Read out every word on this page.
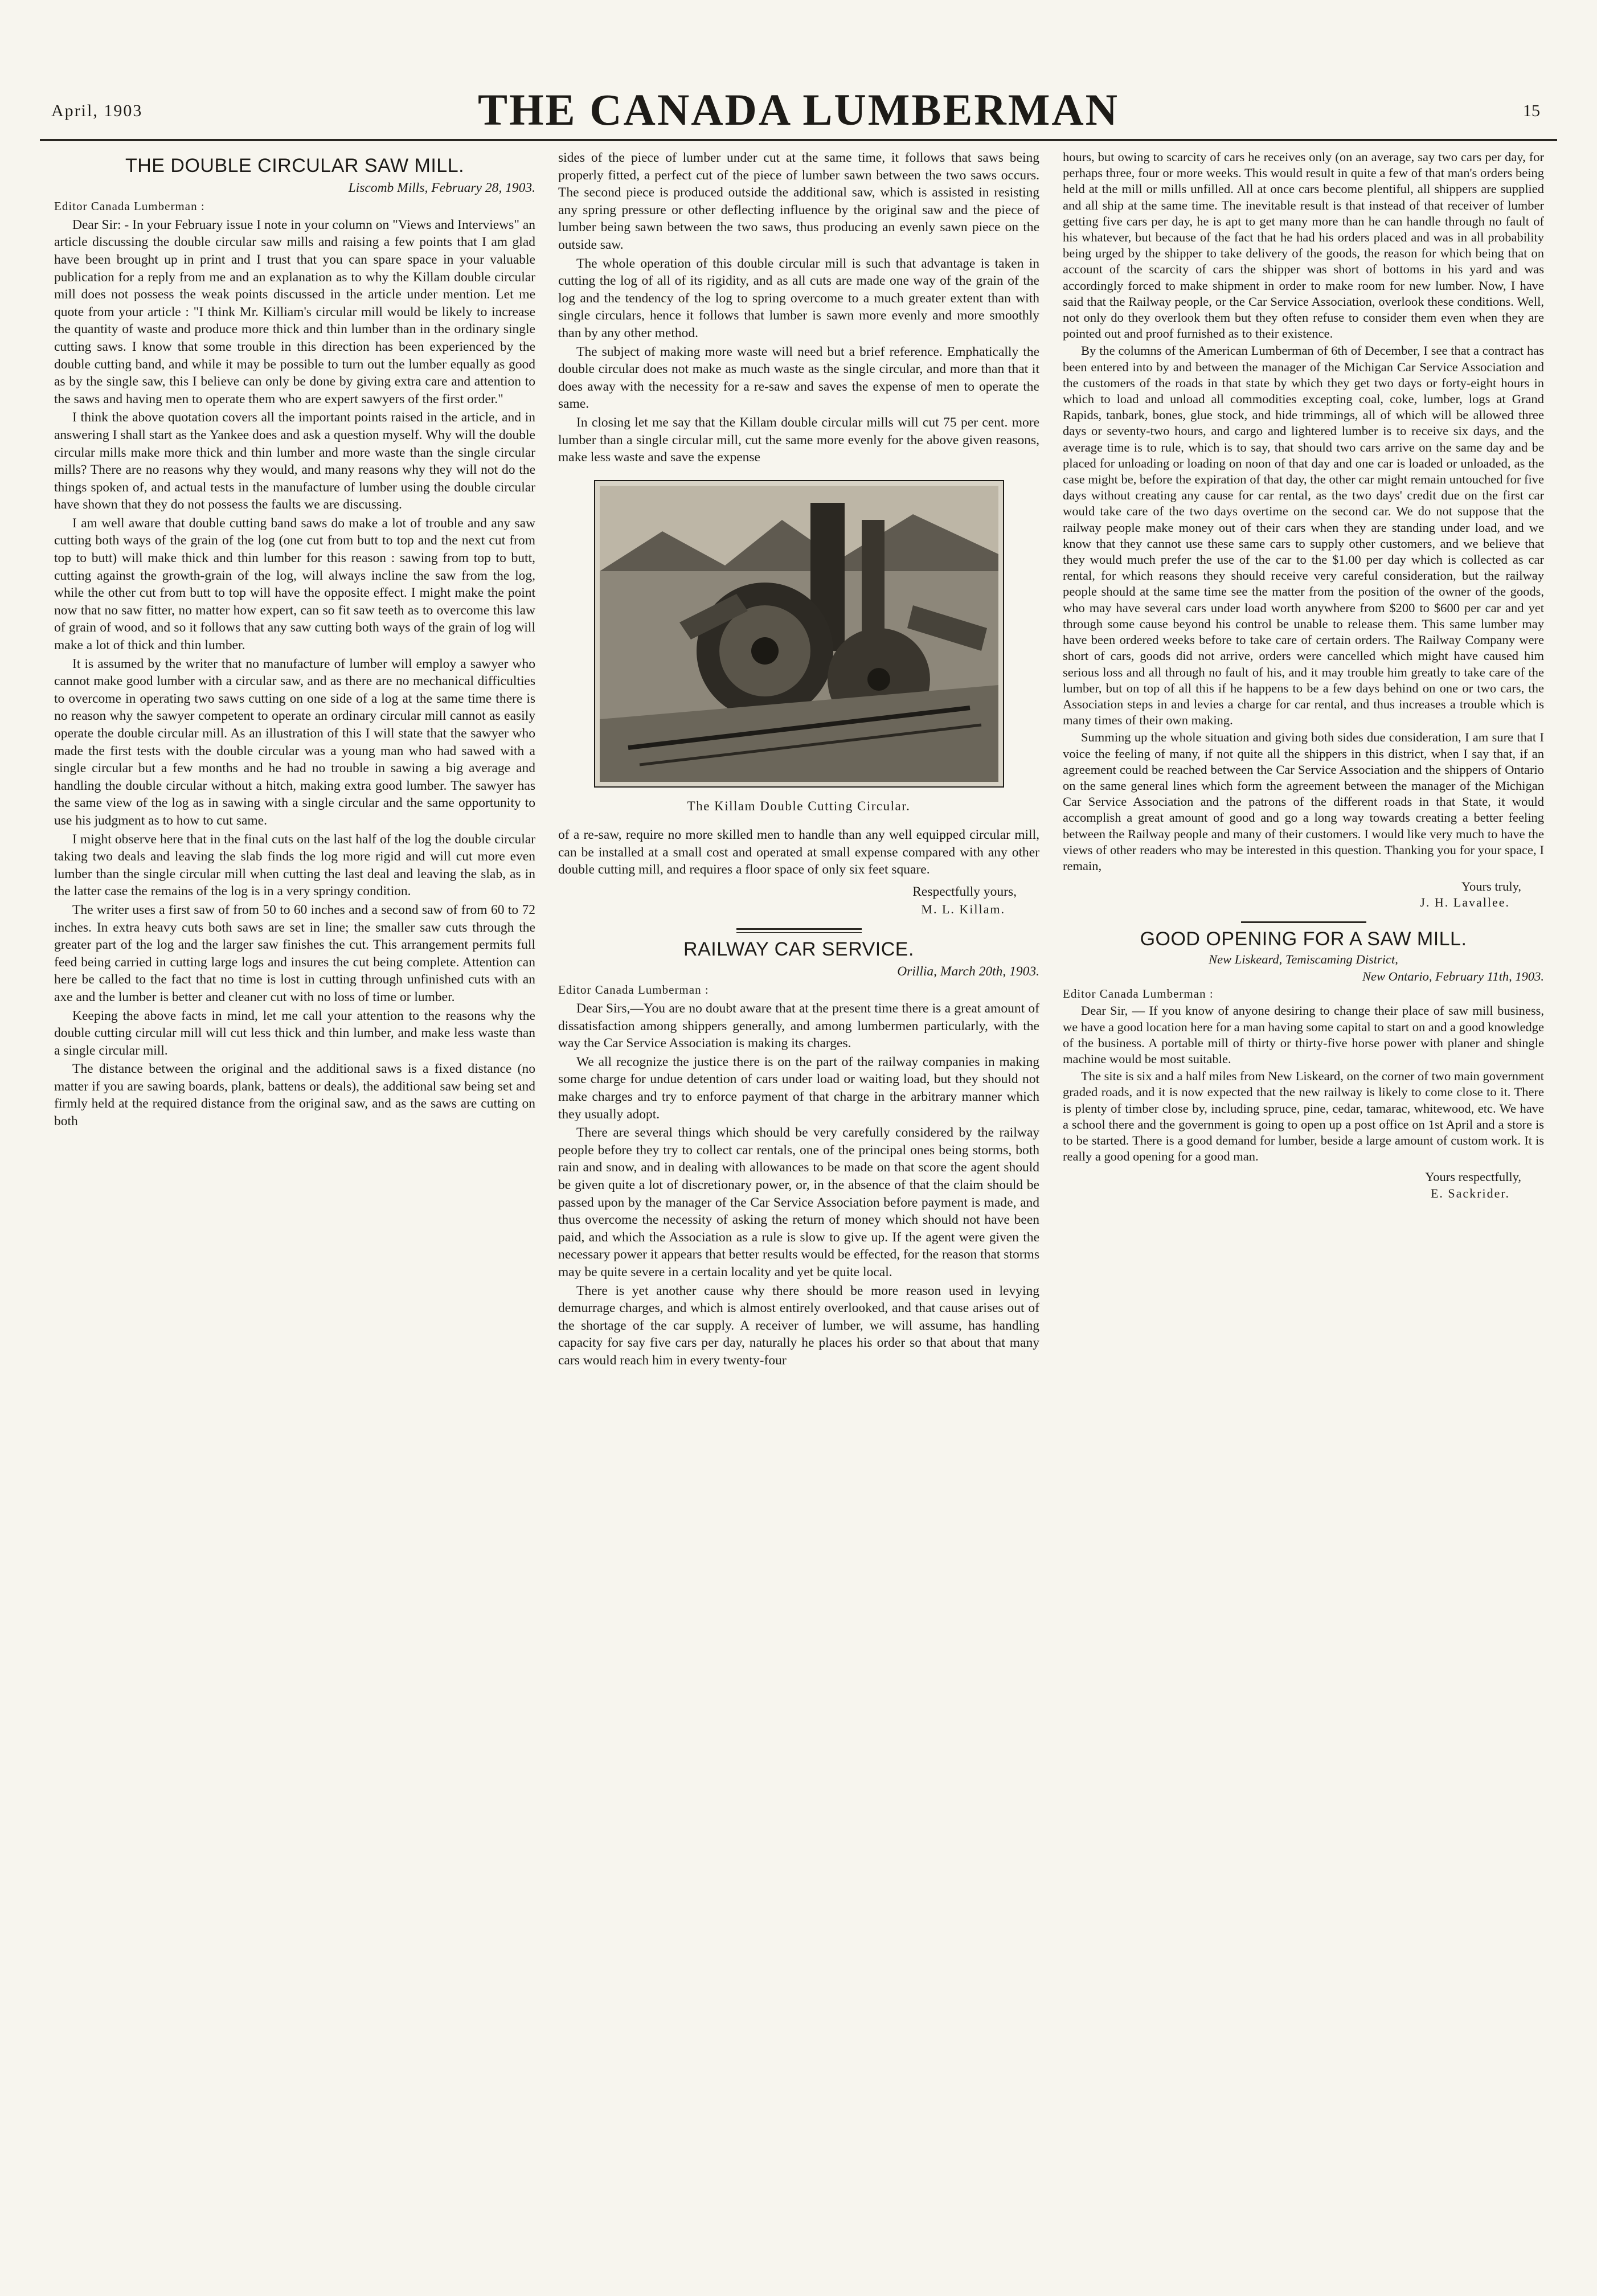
April, 1903	THE CANADA LUMBERMAN	15
THE DOUBLE CIRCULAR SAW MILL.
Liscomb Mills, February 28, 1903.

Editor Canada Lumberman :

Dear Sir: - In your February issue I note in your column on "Views and Interviews" an article discussing the double circular saw mills and raising a few points that I am glad have been brought up in print and I trust that you can spare space in your valuable publication for a reply from me and an explanation as to why the Killam double circular mill does not possess the weak points discussed in the article under mention. Let me quote from your article : "I think Mr. Killiam's circular mill would be likely to increase the quantity of waste and produce more thick and thin lumber than in the ordinary single cutting saws. I know that some trouble in this direction has been experienced by the double cutting band, and while it may be possible to turn out the lumber equally as good as by the single saw, this I believe can only be done by giving extra care and attention to the saws and having men to operate them who are expert sawyers of the first order."

I think the above quotation covers all the important points raised in the article, and in answering I shall start as the Yankee does and ask a question myself. Why will the double circular mills make more thick and thin lumber and more waste than the single circular mills? There are no reasons why they would, and many reasons why they will not do the things spoken of, and actual tests in the manufacture of lumber using the double circular have shown that they do not possess the faults we are discussing.

I am well aware that double cutting band saws do make a lot of trouble and any saw cutting both ways of the grain of the log (one cut from butt to top and the next cut from top to butt) will make thick and thin lumber for this reason : sawing from top to butt, cutting against the growth-grain of the log, will always incline the saw from the log, while the other cut from butt to top will have the opposite effect. I might make the point now that no saw fitter, no matter how expert, can so fit saw teeth as to overcome this law of grain of wood, and so it follows that any saw cutting both ways of the grain of log will make a lot of thick and thin lumber.

It is assumed by the writer that no manufacture of lumber will employ a sawyer who cannot make good lumber with a circular saw, and as there are no mechanical difficulties to overcome in operating two saws cutting on one side of a log at the same time there is no reason why the sawyer competent to operate an ordinary circular mill cannot as easily operate the double circular mill. As an illustration of this I will state that the sawyer who made the first tests with the double circular was a young man who had sawed with a single circular but a few months and he had no trouble in sawing a big average and handling the double circular without a hitch, making extra good lumber. The sawyer has the same view of the log as in sawing with a single circular and the same opportunity to use his judgment as to how to cut same.

I might observe here that in the final cuts on the last half of the log the double circular taking two deals and leaving the slab finds the log more rigid and will cut more even lumber than the single circular mill when cutting the last deal and leaving the slab, as in the latter case the remains of the log is in a very springy condition.

The writer uses a first saw of from 50 to 60 inches and a second saw of from 60 to 72 inches. In extra heavy cuts both saws are set in line; the smaller saw cuts through the greater part of the log and the larger saw finishes the cut. This arrangement permits full feed being carried in cutting large logs and insures the cut being complete. Attention can here be called to the fact that no time is lost in cutting through unfinished cuts with an axe and the lumber is better and cleaner cut with no loss of time or lumber.

Keeping the above facts in mind, let me call your attention to the reasons why the double cutting circular mill will cut less thick and thin lumber, and make less waste than a single circular mill.

The distance between the original and the additional saws is a fixed distance (no matter if you are sawing boards, plank, battens or deals), the additional saw being set and firmly held at the required distance from the original saw, and as the saws are cutting on both

sides of the piece of lumber under cut at the same time, it follows that saws being properly fitted, a perfect cut of the piece of lumber sawn between the two saws occurs. The second piece is produced outside the additional saw, which is assisted in resisting any spring pressure or other deflecting influence by the original saw and the piece of lumber being sawn between the two saws, thus producing an evenly sawn piece on the outside saw.

The whole operation of this double circular mill is such that advantage is taken in cutting the log of all of its rigidity, and as all cuts are made one way of the grain of the log and the tendency of the log to spring overcome to a much greater extent than with single circulars, hence it follows that lumber is sawn more evenly and more smoothly than by any other method.

The subject of making more waste will need but a brief reference. Emphatically the double circular does not make as much waste as the single circular, and more than that it does away with the necessity for a re-saw and saves the expense of men to operate the same.

In closing let me say that the Killam double circular mills will cut 75 per cent. more lumber than a single circular mill, cut the same more evenly for the above given reasons, make less waste and save the expense

The Killam Double Cutting Circular.

of a re-saw, require no more skilled men to handle than any well equipped circular mill, can be installed at a small cost and operated at small expense compared with any other double cutting mill, and requires a floor space of only six feet square.

Respectfully yours,
M. L. Killam.
RAILWAY CAR SERVICE.
Orillia, March 20th, 1903.

Editor Canada Lumberman :

Dear Sirs,—You are no doubt aware that at the present time there is a great amount of dissatisfaction among shippers generally, and among lumbermen particularly, with the way the Car Service Association is making its charges.

We all recognize the justice there is on the part of the railway companies in making some charge for undue detention of cars under load or waiting load, but they should not make charges and try to enforce payment of that charge in the arbitrary manner which they usually adopt.

There are several things which should be very carefully considered by the railway people before they try to collect car rentals, one of the principal ones being storms, both rain and snow, and in dealing with allowances to be made on that score the agent should be given quite a lot of discretionary power, or, in the absence of that the claim should be passed upon by the manager of the Car Service Association before payment is made, and thus overcome the necessity of asking the return of money which should not have been paid, and which the Association as a rule is slow to give up. If the agent were given the necessary power it appears that better results would be effected, for the reason that storms may be quite severe in a certain locality and yet be quite local.

There is yet another cause why there should be more reason used in levying demurrage charges, and which is almost entirely overlooked, and that cause arises out of the shortage of the car supply. A receiver of lumber, we will assume, has handling capacity for say five cars per day, naturally he places his order so that about that many cars would reach him in every twenty-four

hours, but owing to scarcity of cars he receives only (on an average, say two cars per day, for perhaps three, four or more weeks. This would result in quite a few of that man's orders being held at the mill or mills unfilled. All at once cars become plentiful, all shippers are supplied and all ship at the same time. The inevitable result is that instead of that receiver of lumber getting five cars per day, he is apt to get many more than he can handle through no fault of his whatever, but because of the fact that he had his orders placed and was in all probability being urged by the shipper to take delivery of the goods, the reason for which being that on account of the scarcity of cars the shipper was short of bottoms in his yard and was accordingly forced to make shipment in order to make room for new lumber. Now, I have said that the Railway people, or the Car Service Association, overlook these conditions. Well, not only do they overlook them but they often refuse to consider them even when they are pointed out and proof furnished as to their existence.

By the columns of the American Lumberman of 6th of December, I see that a contract has been entered into by and between the manager of the Michigan Car Service Association and the customers of the roads in that state by which they get two days or forty-eight hours in which to load and unload all commodities excepting coal, coke, lumber, logs at Grand Rapids, tanbark, bones, glue stock, and hide trimmings, all of which will be allowed three days or seventy-two hours, and cargo and lightered lumber is to receive six days, and the average time is to rule, which is to say, that should two cars arrive on the same day and be placed for unloading or loading on noon of that day and one car is loaded or unloaded, as the case might be, before the expiration of that day, the other car might remain untouched for five days without creating any cause for car rental, as the two days' credit due on the first car would take care of the two days overtime on the second car. We do not suppose that the railway people make money out of their cars when they are standing under load, and we know that they cannot use these same cars to supply other customers, and we believe that they would much prefer the use of the car to the $1.00 per day which is collected as car rental, for which reasons they should receive very careful consideration, but the railway people should at the same time see the matter from the position of the owner of the goods, who may have several cars under load worth anywhere from $200 to $600 per car and yet through some cause beyond his control be unable to release them. This same lumber may have been ordered weeks before to take care of certain orders. The Railway Company were short of cars, goods did not arrive, orders were cancelled which might have caused him serious loss and all through no fault of his, and it may trouble him greatly to take care of the lumber, but on top of all this if he happens to be a few days behind on one or two cars, the Association steps in and levies a charge for car rental, and thus increases a trouble which is many times of their own making.

Summing up the whole situation and giving both sides due consideration, I am sure that I voice the feeling of many, if not quite all the shippers in this district, when I say that, if an agreement could be reached between the Car Service Association and the shippers of Ontario on the same general lines which form the agreement between the manager of the Michigan Car Service Association and the patrons of the different roads in that State, it would accomplish a great amount of good and go a long way towards creating a better feeling between the Railway people and many of their customers. I would like very much to have the views of other readers who may be interested in this question. Thanking you for your space, I remain,

Yours truly,
J. H. Lavallee.
GOOD OPENING FOR A SAW MILL.
New Liskeard, Temiscaming District,
New Ontario, February 11th, 1903.

Editor Canada Lumberman :

Dear Sir, — If you know of anyone desiring to change their place of saw mill business, we have a good location here for a man having some capital to start on and a good knowledge of the business. A portable mill of thirty or thirty-five horse power with planer and shingle machine would be most suitable.

The site is six and a half miles from New Liskeard, on the corner of two main government graded roads, and it is now expected that the new railway is likely to come close to it. There is plenty of timber close by, including spruce, pine, cedar, tamarac, whitewood, etc. We have a school there and the government is going to open up a post office on 1st April and a store is to be started. There is a good demand for lumber, beside a large amount of custom work. It is really a good opening for a good man.

Yours respectfully,
E. Sackrider.
